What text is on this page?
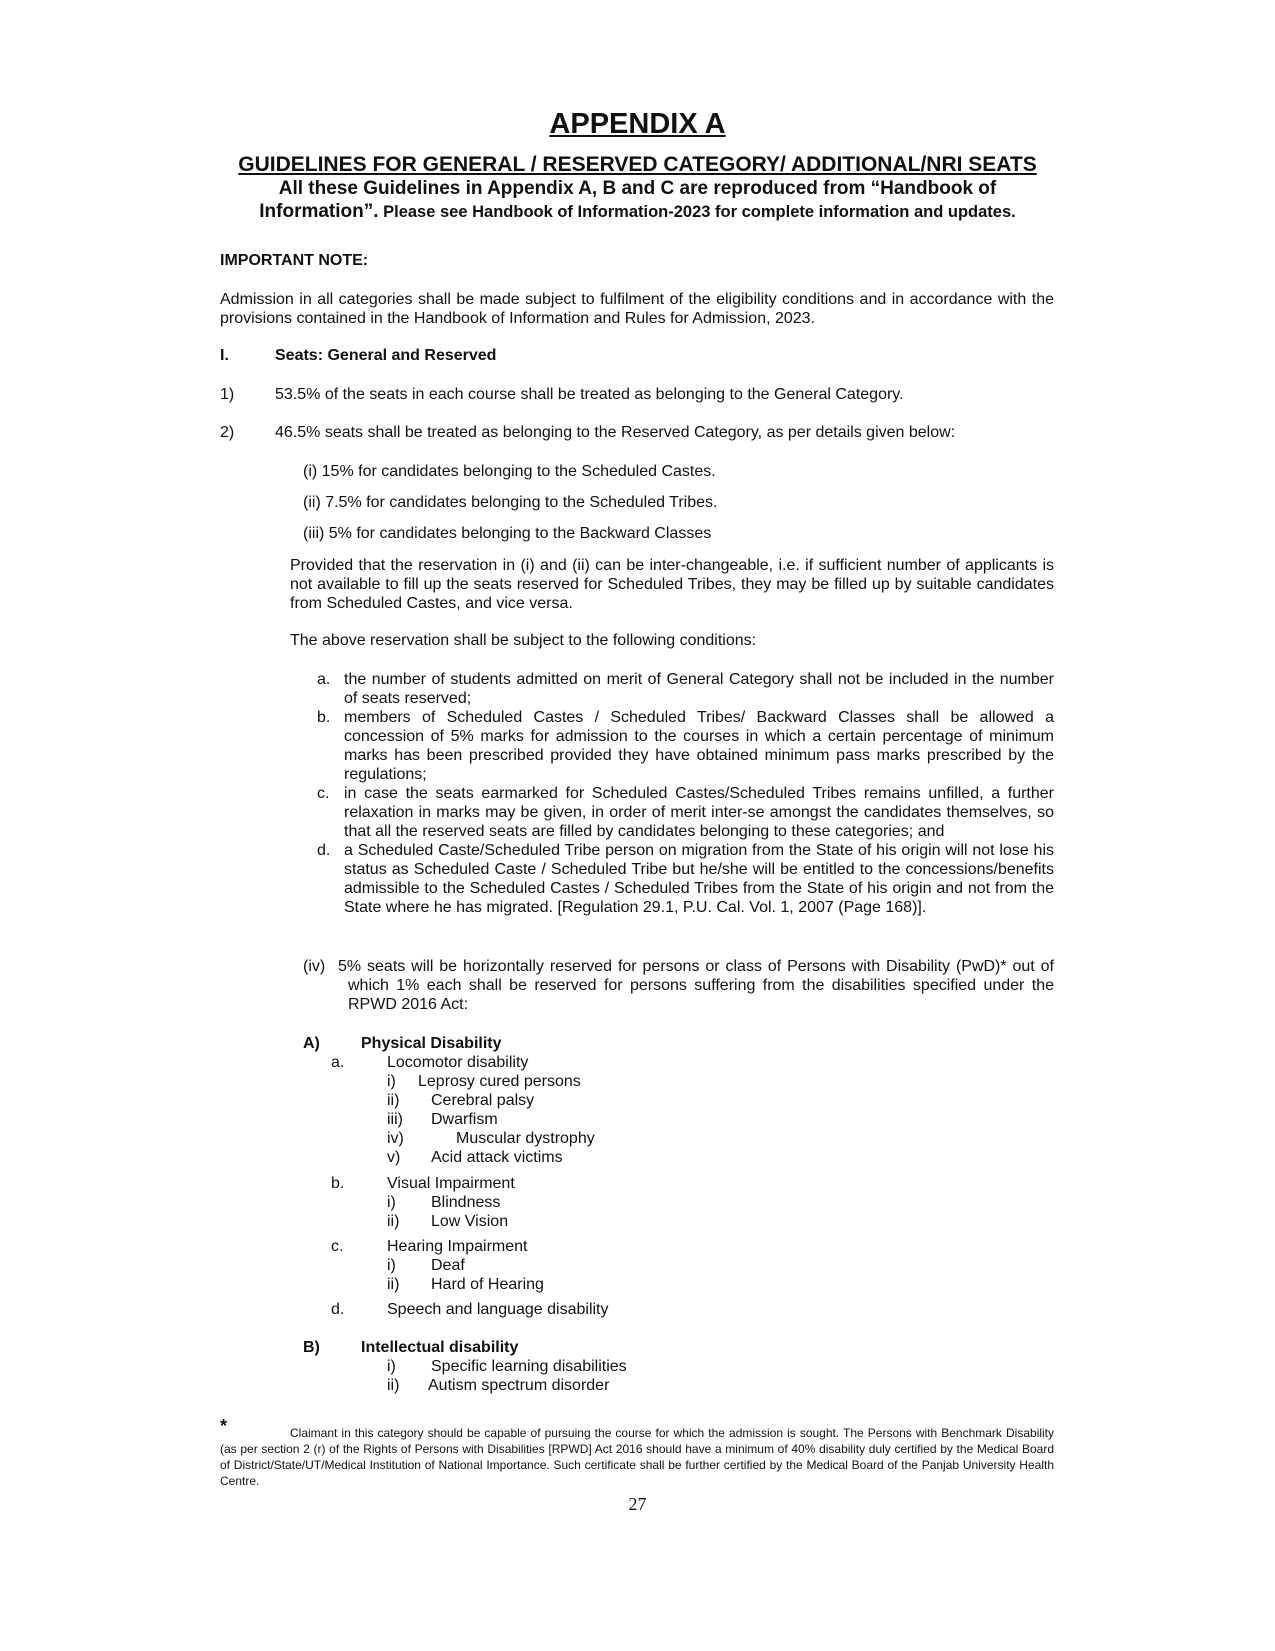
APPENDIX A
GUIDELINES FOR GENERAL / RESERVED CATEGORY/ ADDITIONAL/NRI SEATS
All these Guidelines in Appendix A, B and C are reproduced from “Handbook of
Information”. Please see Handbook of Information-2023 for complete information and updates.
IMPORTANT NOTE:
Admission in all categories shall be made subject to fulfilment of the eligibility conditions and in accordance with the provisions contained in the Handbook of Information and Rules for Admission, 2023.
I.	Seats: General and Reserved
1)	53.5% of the seats in each course shall be treated as belonging to the General Category.
2)	46.5% seats shall be treated as belonging to the Reserved Category, as per details given below:
(i) 15% for candidates belonging to the Scheduled Castes.
(ii) 7.5% for candidates belonging to the Scheduled Tribes.
(iii) 5% for candidates belonging to the Backward Classes
Provided that the reservation in (i) and (ii) can be inter-changeable, i.e. if sufficient number of applicants is not available to fill up the seats reserved for Scheduled Tribes, they may be filled up by suitable candidates from Scheduled Castes, and vice versa.
The above reservation shall be subject to the following conditions:
a. the number of students admitted on merit of General Category shall not be included in the number of seats reserved;
b. members of Scheduled Castes / Scheduled Tribes/ Backward Classes shall be allowed a concession of 5% marks for admission to the courses in which a certain percentage of minimum marks has been prescribed provided they have obtained minimum pass marks prescribed by the regulations;
c. in case the seats earmarked for Scheduled Castes/Scheduled Tribes remains unfilled, a further relaxation in marks may be given, in order of merit inter-se amongst the candidates themselves, so that all the reserved seats are filled by candidates belonging to these categories; and
d. a Scheduled Caste/Scheduled Tribe person on migration from the State of his origin will not lose his status as Scheduled Caste / Scheduled Tribe but he/she will be entitled to the concessions/benefits admissible to the Scheduled Castes / Scheduled Tribes from the State of his origin and not from the State where he has migrated. [Regulation 29.1, P.U. Cal. Vol. 1, 2007 (Page 168)].
(iv) 5% seats will be horizontally reserved for persons or class of Persons with Disability (PwD)* out of which 1% each shall be reserved for persons suffering from the disabilities specified under the RPWD 2016 Act:
A)	Physical Disability
a.	Locomotor disability
i) Leprosy cured persons
ii) Cerebral palsy
iii) Dwarfism
iv)	Muscular dystrophy
v) Acid attack victims
b.	Visual Impairment
i) Blindness
ii) Low Vision
c.	Hearing Impairment
i) Deaf
ii) Hard of Hearing
d.	Speech and language disability
B)	Intellectual disability
i) Specific learning disabilities
ii) Autism spectrum disorder
*	Claimant in this category should be capable of pursuing the course for which the admission is sought. The Persons with Benchmark Disability (as per section 2 (r) of the Rights of Persons with Disabilities [RPWD] Act 2016 should have a minimum of 40% disability duly certified by the Medical Board of District/State/UT/Medical Institution of National Importance. Such certificate shall be further certified by the Medical Board of the Panjab University Health Centre.
27
